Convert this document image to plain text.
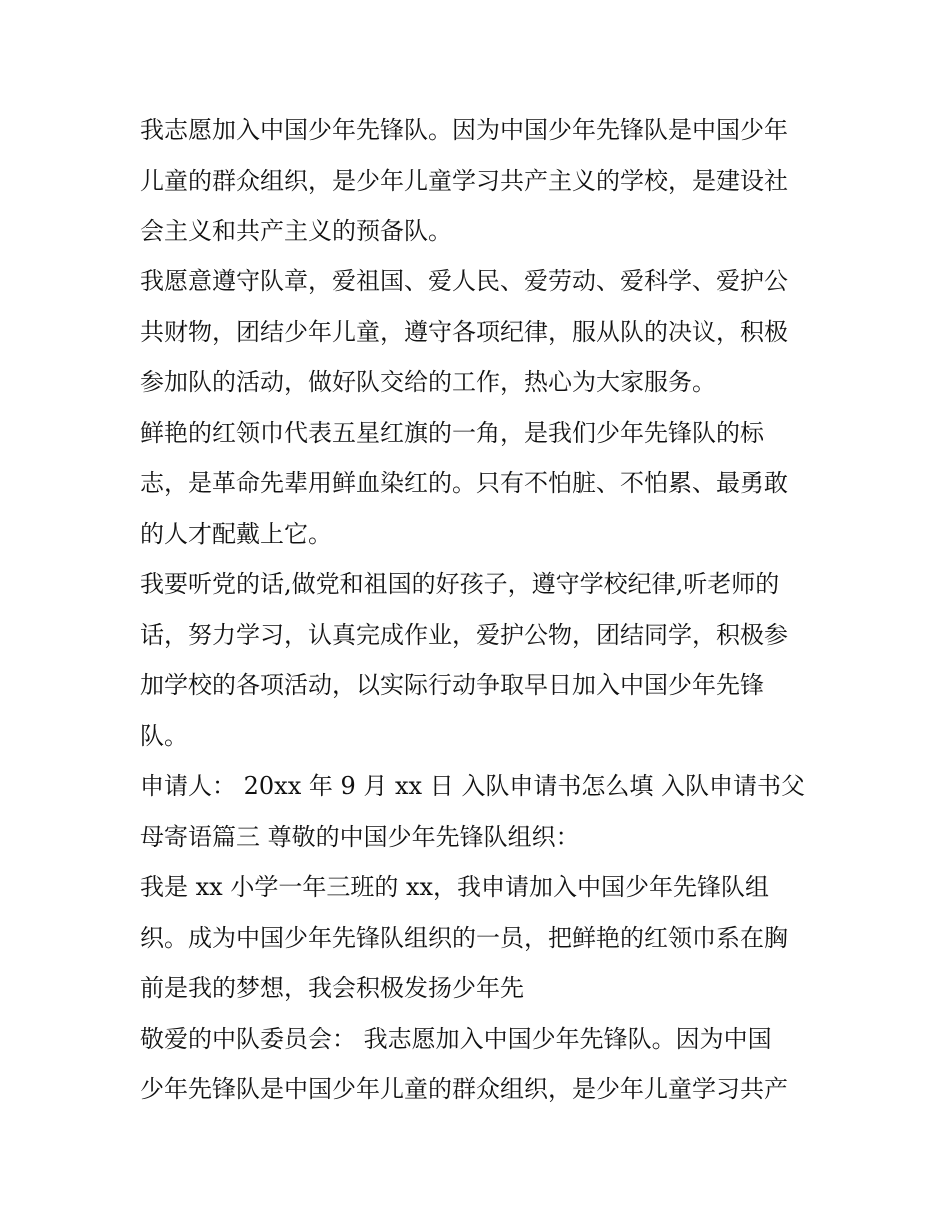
我志愿加入中国少年先锋队。因为中国少年先锋队是中国少年
儿童的群众组织，是少年儿童学习共产主义的学校，是建设社
会主义和共产主义的预备队。
我愿意遵守队章，爱祖国、爱人民、爱劳动、爱科学、爱护公
共财物，团结少年儿童，遵守各项纪律，服从队的决议，积极
参加队的活动，做好队交给的工作，热心为大家服务。
鲜艳的红领巾代表五星红旗的一角，是我们少年先锋队的标
志，是革命先辈用鲜血染红的。只有不怕脏、不怕累、最勇敢
的人才配戴上它。
我要听党的话,做党和祖国的好孩子，遵守学校纪律,听老师的
话，努力学习，认真完成作业，爱护公物，团结同学，积极参
加学校的各项活动，以实际行动争取早日加入中国少年先锋
队。
申请人： 20xx 年 9 月 xx 日 入队申请书怎么填 入队申请书父
母寄语篇三 尊敬的中国少年先锋队组织：
我是 xx 小学一年三班的 xx，我申请加入中国少年先锋队组
织。成为中国少年先锋队组织的一员，把鲜艳的红领巾系在胸
前是我的梦想，我会积极发扬少年先
敬爱的中队委员会： 我志愿加入中国少年先锋队。因为中国
少年先锋队是中国少年儿童的群众组织，是少年儿童学习共产
